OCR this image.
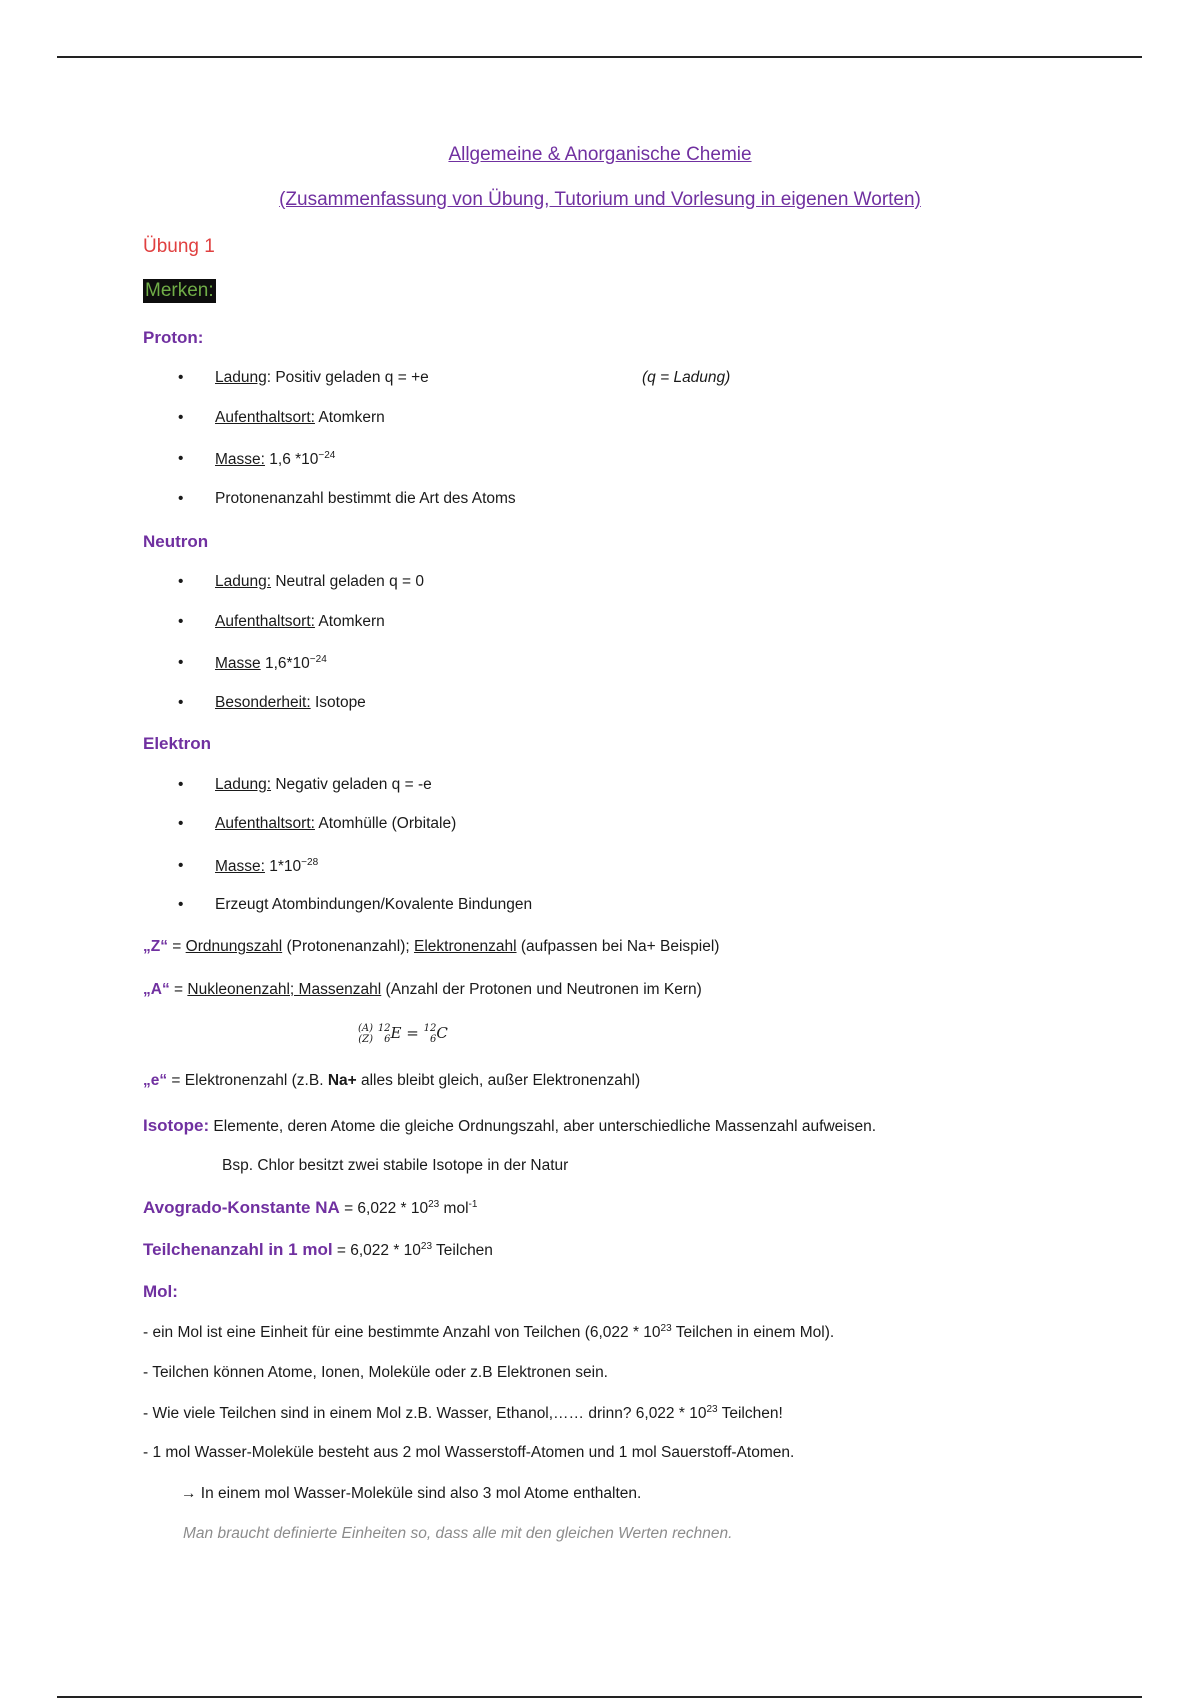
Allgemeine & Anorganische Chemie
(Zusammenfassung von Übung, Tutorium und Vorlesung in eigenen Worten)
Übung 1
Merken:
Proton:
• Ladung: Positiv geladen q = +e	(q = Ladung)
• Aufenthaltsort: Atomkern
• Masse: 1,6 $*10^{-24}$
• Protonenanzahl bestimmt die Art des Atoms
Neutron
• Ladung: Neutral geladen q = 0
• Aufenthaltsort: Atomkern
• Masse $1,6*10^{-24}$
• Besonderheit: Isotope
Elektron
• Ladung: Negativ geladen q = -e
• Aufenthaltsort: Atomhülle (Orbitale)
• Masse: $1*10^{-28}$
• Erzeugt Atombindungen/Kovalente Bindungen
„Z“ = Ordnungszahl (Protonenanzahl); Elektronenzahl (aufpassen bei Na+ Beispiel)
„A“ = Nukleonenzahl; Massenzahl (Anzahl der Protonen und Neutronen im Kern)
(A)
(Z) 12
6E = 12
6C
„e“ = Elektronenzahl (z.B. Na+ alles bleibt gleich, außer Elektronenzahl)
Isotope: Elemente, deren Atome die gleiche Ordnungszahl, aber unterschiedliche Massenzahl aufweisen.
Bsp. Chlor besitzt zwei stabile Isotope in der Natur
Avogrado-Konstante NA = $6,022 * 10^{23}$ mol$^{-1}$
Teilchenanzahl in 1 mol = $6,022 * 10^{23}$ Teilchen
Mol:
- ein Mol ist eine Einheit für eine bestimmte Anzahl von Teilchen ($6,022 * 10^{23}$ Teilchen in einem Mol).
- Teilchen können Atome, Ionen, Moleküle oder z.B Elektronen sein.
- Wie viele Teilchen sind in einem Mol z.B. Wasser, Ethanol,…… drinn? $6,022 * 10^{23}$ Teilchen!
- 1 mol Wasser-Moleküle besteht aus 2 mol Wasserstoff-Atomen und 1 mol Sauerstoff-Atomen.
→ In einem mol Wasser-Moleküle sind also 3 mol Atome enthalten.
Man braucht definierte Einheiten so, dass alle mit den gleichen Werten rechnen.
